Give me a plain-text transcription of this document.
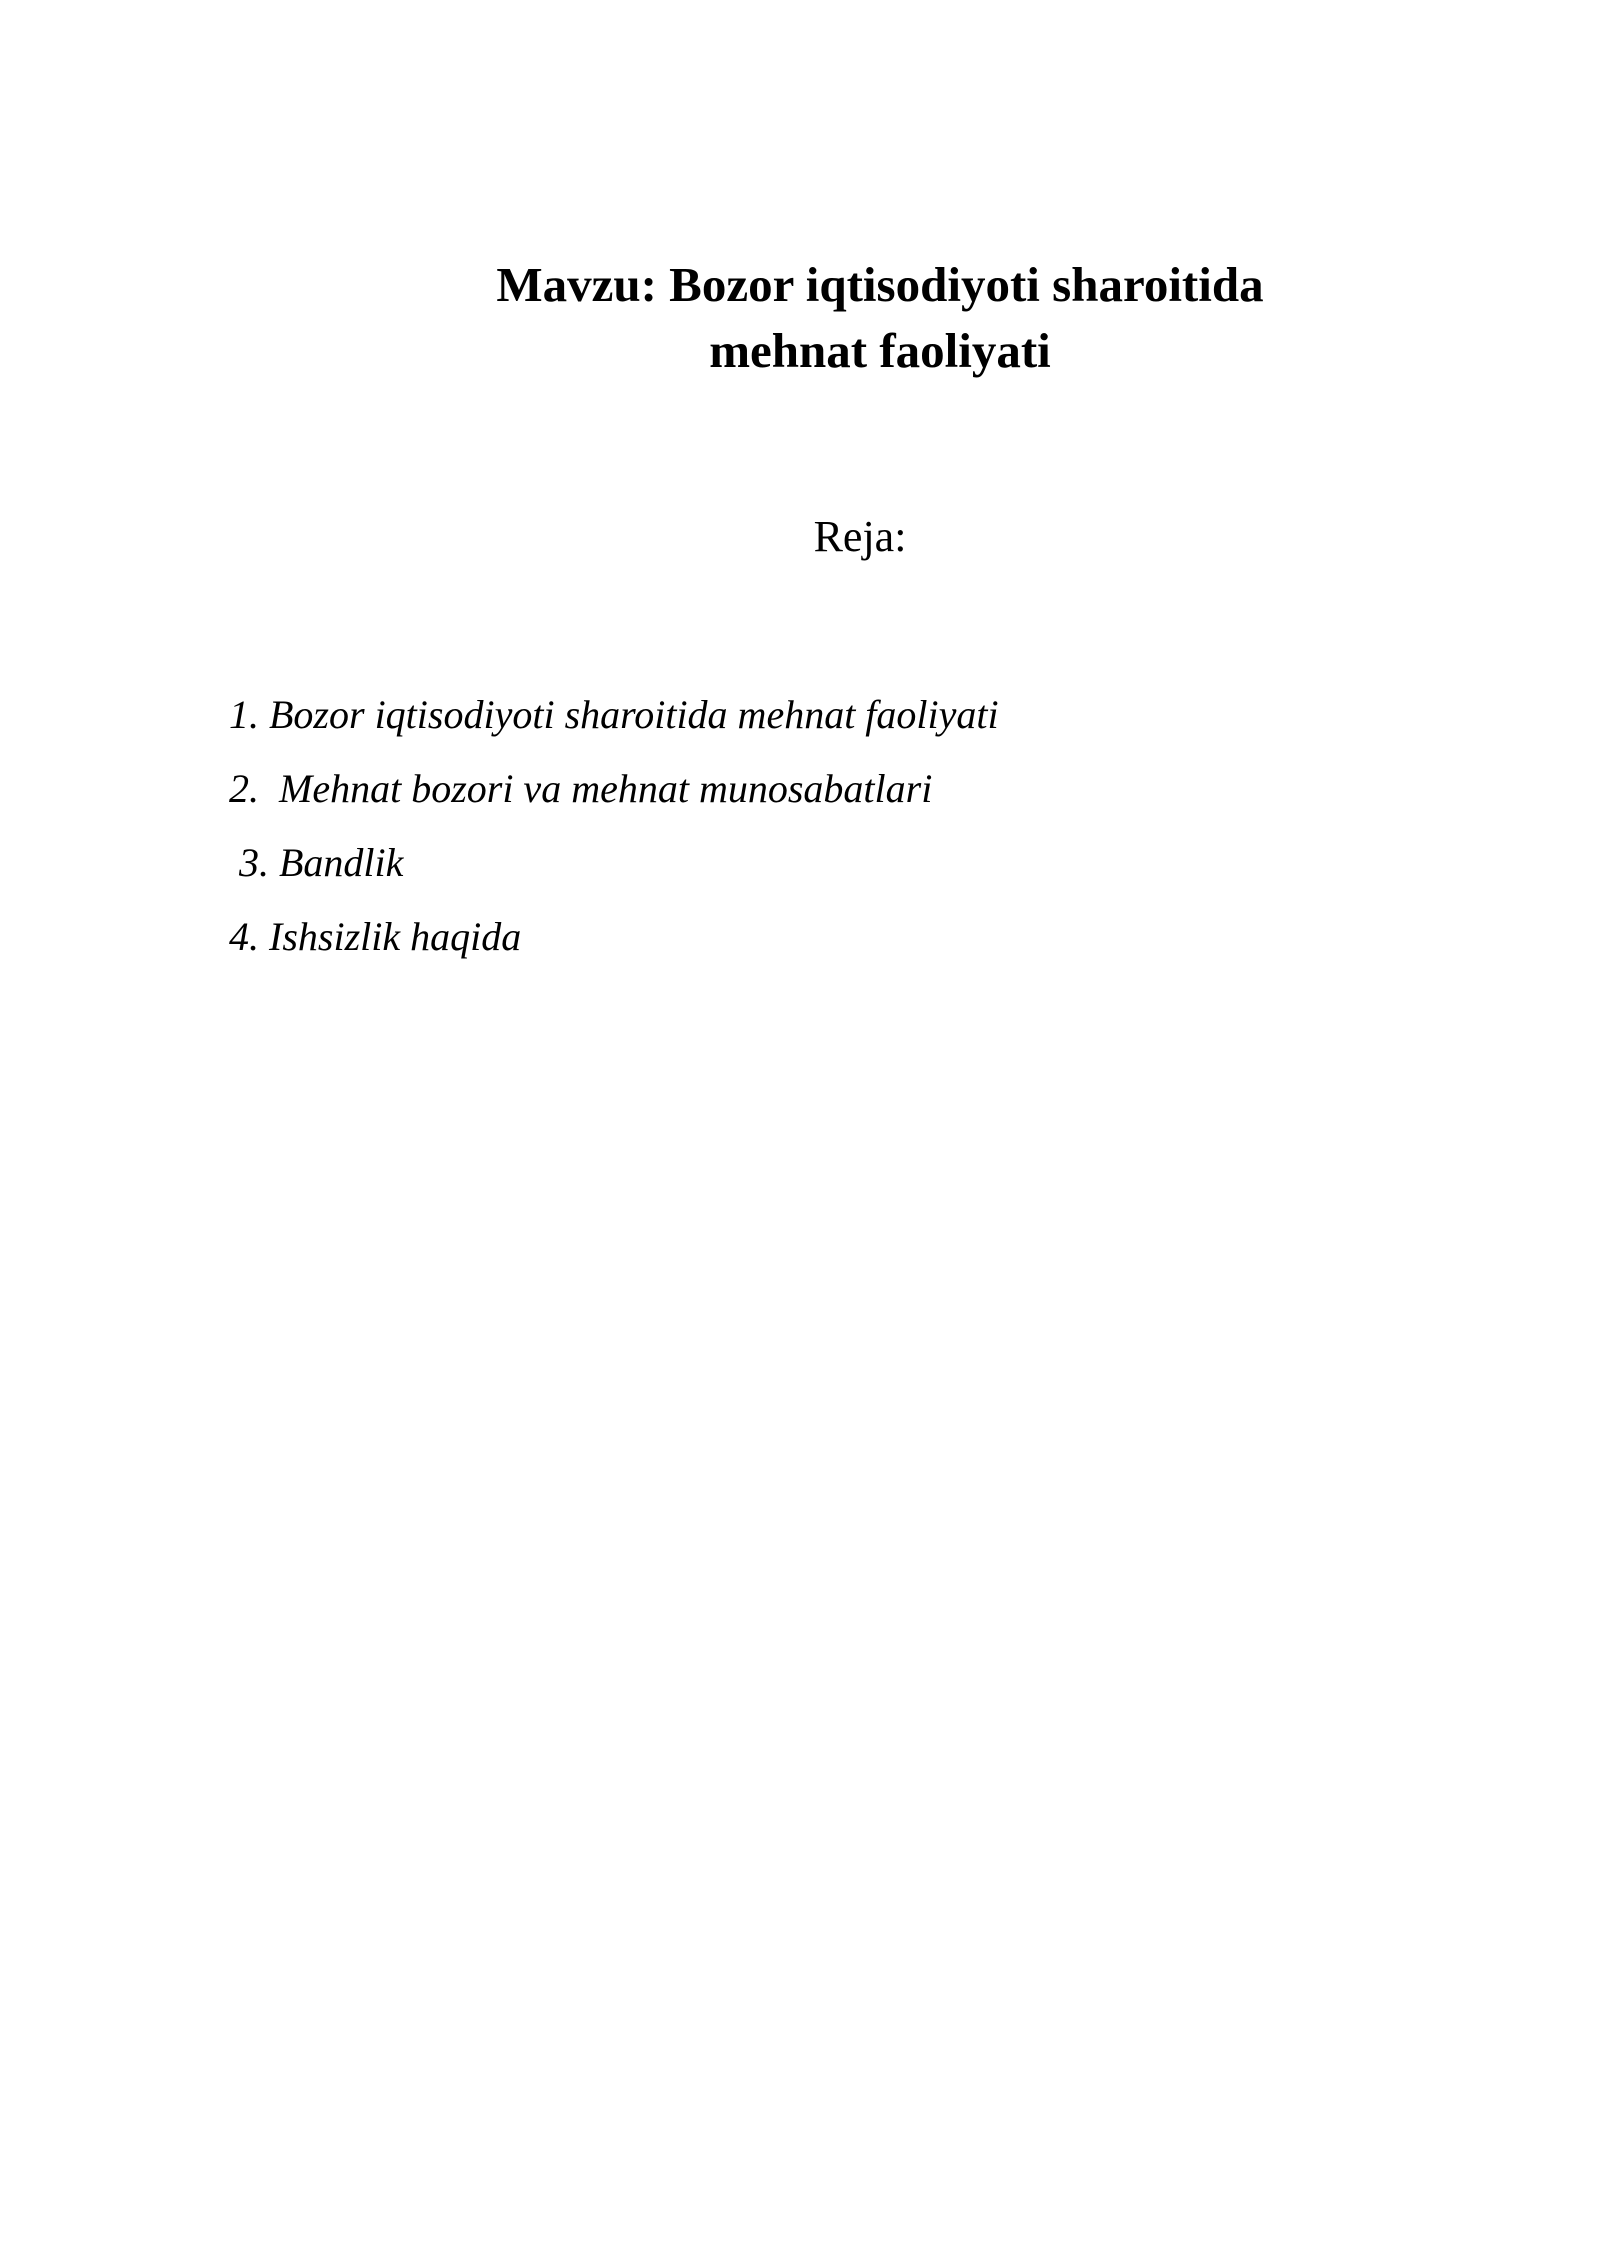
Mavzu: Bozor iqtisodiyoti sharoitida
mehnat faoliyati
Reja:
1. Bozor iqtisodiyoti sharoitida mehnat faoliyati
2.  Mehnat bozori va mehnat munosabatlari
3. Bandlik
4. Ishsizlik haqida
